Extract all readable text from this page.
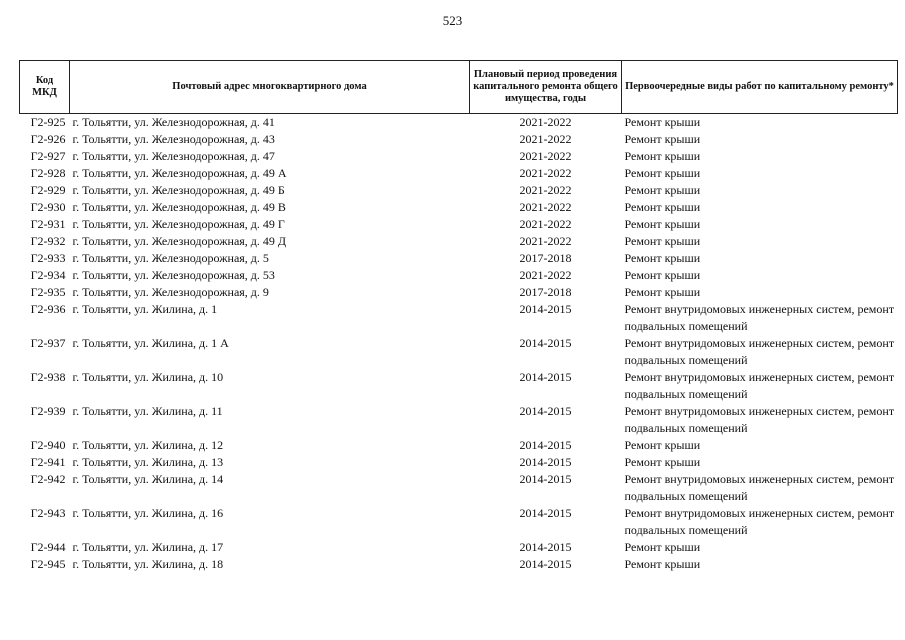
523
Код МКД	Почтовый адрес многоквартирного дома	Плановый период проведения капитального ремонта общего имущества, годы	Первоочередные виды работ по капитальному ремонту*
Г2-925	г. Тольятти, ул. Железнодорожная, д. 41	2021-2022	Ремонт крыши
Г2-926	г. Тольятти, ул. Железнодорожная, д. 43	2021-2022	Ремонт крыши
Г2-927	г. Тольятти, ул. Железнодорожная, д. 47	2021-2022	Ремонт крыши
Г2-928	г. Тольятти, ул. Железнодорожная, д. 49 А	2021-2022	Ремонт крыши
Г2-929	г. Тольятти, ул. Железнодорожная, д. 49 Б	2021-2022	Ремонт крыши
Г2-930	г. Тольятти, ул. Железнодорожная, д. 49 В	2021-2022	Ремонт крыши
Г2-931	г. Тольятти, ул. Железнодорожная, д. 49 Г	2021-2022	Ремонт крыши
Г2-932	г. Тольятти, ул. Железнодорожная, д. 49 Д	2021-2022	Ремонт крыши
Г2-933	г. Тольятти, ул. Железнодорожная, д. 5	2017-2018	Ремонт крыши
Г2-934	г. Тольятти, ул. Железнодорожная, д. 53	2021-2022	Ремонт крыши
Г2-935	г. Тольятти, ул. Железнодорожная, д. 9	2017-2018	Ремонт крыши
Г2-936	г. Тольятти, ул. Жилина, д. 1	2014-2015	Ремонт внутридомовых инженерных систем, ремонт подвальных помещений
Г2-937	г. Тольятти, ул. Жилина, д. 1 А	2014-2015	Ремонт внутридомовых инженерных систем, ремонт подвальных помещений
Г2-938	г. Тольятти, ул. Жилина, д. 10	2014-2015	Ремонт внутридомовых инженерных систем, ремонт подвальных помещений
Г2-939	г. Тольятти, ул. Жилина, д. 11	2014-2015	Ремонт внутридомовых инженерных систем, ремонт подвальных помещений
Г2-940	г. Тольятти, ул. Жилина, д. 12	2014-2015	Ремонт крыши
Г2-941	г. Тольятти, ул. Жилина, д. 13	2014-2015	Ремонт крыши
Г2-942	г. Тольятти, ул. Жилина, д. 14	2014-2015	Ремонт внутридомовых инженерных систем, ремонт подвальных помещений
Г2-943	г. Тольятти, ул. Жилина, д. 16	2014-2015	Ремонт внутридомовых инженерных систем, ремонт подвальных помещений
Г2-944	г. Тольятти, ул. Жилина, д. 17	2014-2015	Ремонт крыши
Г2-945	г. Тольятти, ул. Жилина, д. 18	2014-2015	Ремонт крыши
